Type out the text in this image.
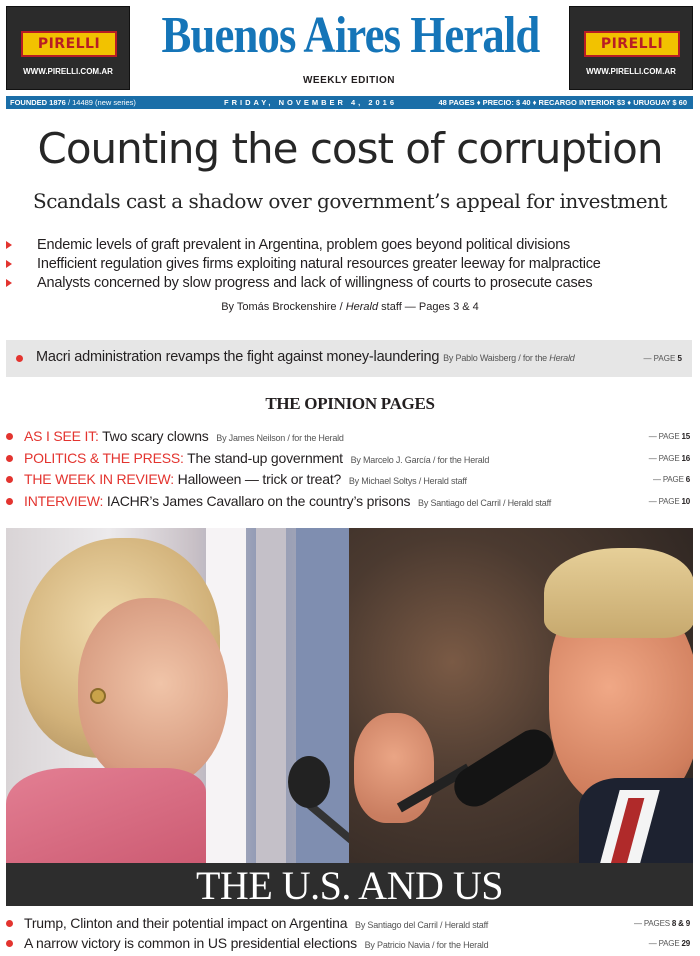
PIRELLI
WWW.PIRELLI.COM.AR
Buenos Aires Herald
WEEKLY EDITION
PIRELLI
WWW.PIRELLI.COM.AR
FOUNDED 1876 / 14489 (new series)	FRIDAY, NOVEMBER 4, 2016	48 PAGES ♦ PRECIO: $ 40 ♦ RECARGO INTERIOR $3 ♦ URUGUAY $ 60
Counting the cost of corruption
Scandals cast a shadow over government’s appeal for investment
Endemic levels of graft prevalent in Argentina, problem goes beyond political divisions
Inefficient regulation gives firms exploiting natural resources greater leeway for malpractice
Analysts concerned by slow progress and lack of willingness of courts to prosecute cases
By Tomás Brockenshire / Herald staff — Pages 3 & 4
Macri administration revamps the fight against money-laundering By Pablo Waisberg / for the Herald	— PAGE 5
THE OPINION PAGES
AS I SEE IT: Two scary clowns By James Neilson / for the Herald	— PAGE 15
POLITICS & THE PRESS: The stand-up government By Marcelo J. García / for the Herald	— PAGE 16
THE WEEK IN REVIEW: Halloween — trick or treat? By Michael Soltys / Herald staff	— PAGE 6
INTERVIEW: IACHR’s James Cavallaro on the country’s prisons By Santiago del Carril / Herald staff	— PAGE 10
THE U.S. AND US
Trump, Clinton and their potential impact on Argentina By Santiago del Carril / Herald staff	— PAGES 8 & 9
A narrow victory is common in US presidential elections By Patricio Navia / for the Herald	— PAGE 29
